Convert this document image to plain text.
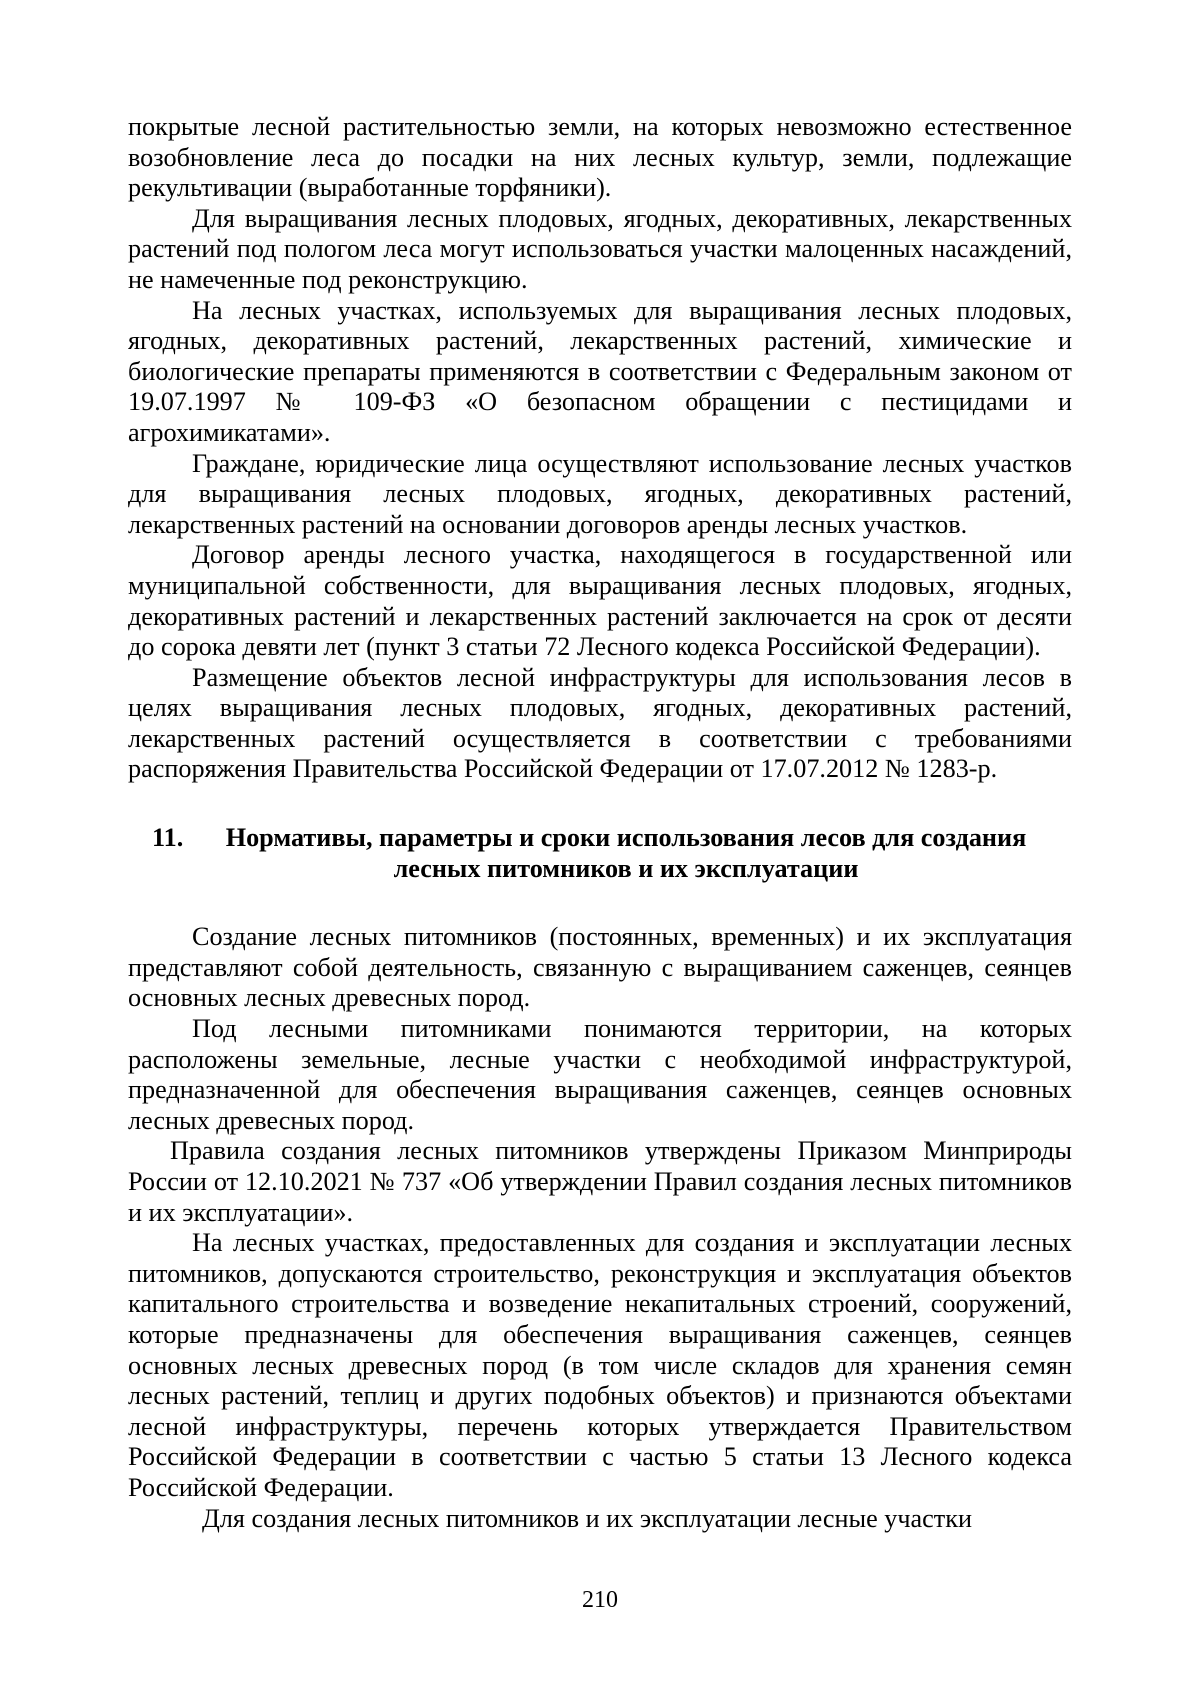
покрытые лесной растительностью земли, на которых невозможно естественное возобновление леса до посадки на них лесных культур, земли, подлежащие рекультивации (выработанные торфяники).

Для выращивания лесных плодовых, ягодных, декоративных, лекарственных растений под пологом леса могут использоваться участки малоценных насаждений, не намеченные под реконструкцию.

На лесных участках, используемых для выращивания лесных плодовых, ягодных, декоративных растений, лекарственных растений, химические и биологические препараты применяются в соответствии с Федеральным законом от 19.07.1997 № 109-ФЗ «О безопасном обращении с пестицидами и агрохимикатами».

Граждане, юридические лица осуществляют использование лесных участков для выращивания лесных плодовых, ягодных, декоративных растений, лекарственных растений на основании договоров аренды лесных участков.

Договор аренды лесного участка, находящегося в государственной или муниципальной собственности, для выращивания лесных плодовых, ягодных, декоративных растений и лекарственных растений заключается на срок от десяти до сорока девяти лет (пункт 3 статьи 72 Лесного кодекса Российской Федерации).

Размещение объектов лесной инфраструктуры для использования лесов в целях выращивания лесных плодовых, ягодных, декоративных растений, лекарственных растений осуществляется в соответствии с требованиями распоряжения Правительства Российской Федерации от 17.07.2012 № 1283-р.

11.	Нормативы, параметры и сроки использования лесов для создания лесных питомников и их эксплуатации

Создание лесных питомников (постоянных, временных) и их эксплуатация представляют собой деятельность, связанную с выращиванием саженцев, сеянцев основных лесных древесных пород.

Под лесными питомниками понимаются территории, на которых расположены земельные, лесные участки с необходимой инфраструктурой, предназначенной для обеспечения выращивания саженцев, сеянцев основных лесных древесных пород.

Правила создания лесных питомников утверждены Приказом Минприроды России от 12.10.2021 № 737 «Об утверждении Правил создания лесных питомников и их эксплуатации».

На лесных участках, предоставленных для создания и эксплуатации лесных питомников, допускаются строительство, реконструкция и эксплуатация объектов капитального строительства и возведение некапитальных строений, сооружений, которые предназначены для обеспечения выращивания саженцев, сеянцев основных лесных древесных пород (в том числе складов для хранения семян лесных растений, теплиц и других подобных объектов) и признаются объектами лесной инфраструктуры, перечень которых утверждается Правительством Российской Федерации в соответствии с частью 5 статьи 13 Лесного кодекса Российской Федерации.

Для создания лесных питомников и их эксплуатации лесные участки

210
